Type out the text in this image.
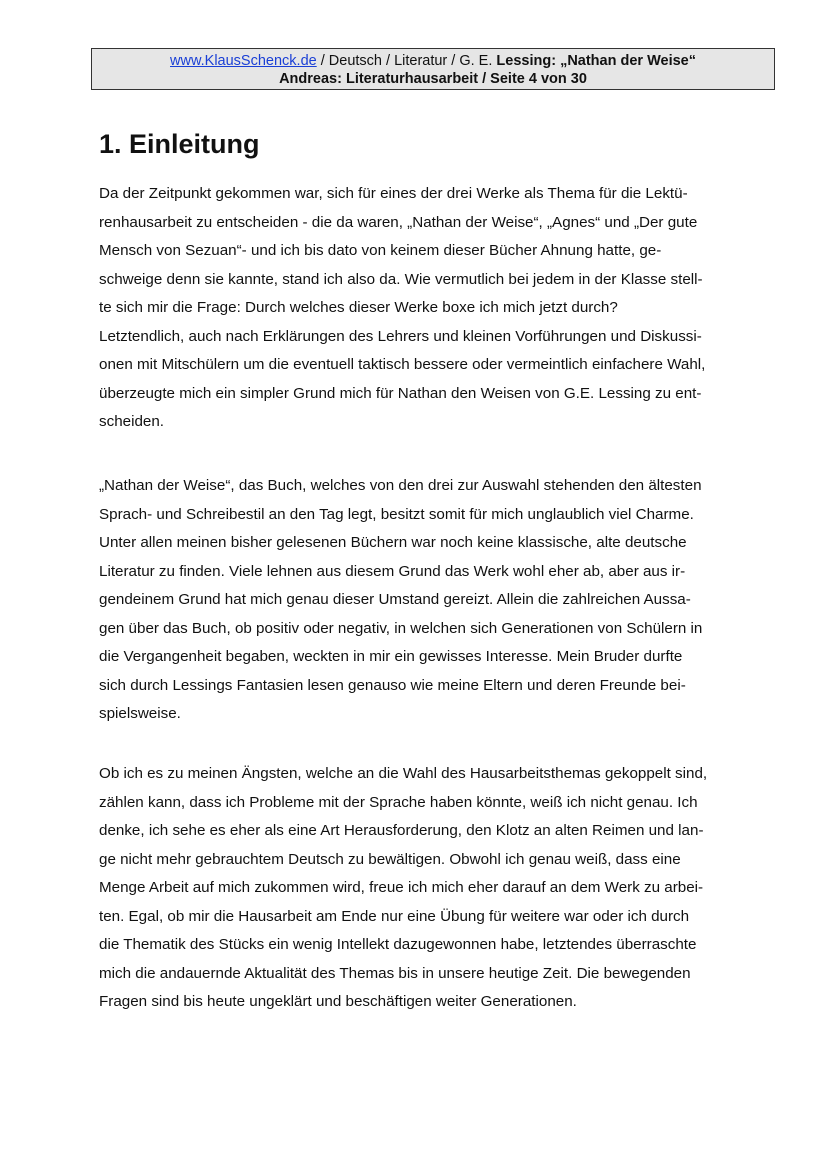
www.KlausSchenck.de / Deutsch / Literatur / G. E. Lessing: „Nathan der Weise“
Andreas: Literaturhausarbeit / Seite 4 von 30
1. Einleitung

Da der Zeitpunkt gekommen war, sich für eines der drei Werke als Thema für die Lektü-
renhausarbeit zu entscheiden - die da waren, „Nathan der Weise“, „Agnes“ und „Der gute
Mensch von Sezuan“- und ich bis dato von keinem dieser Bücher Ahnung hatte, ge-
schweige denn sie kannte, stand ich also da. Wie vermutlich bei jedem in der Klasse stell-
te sich mir die Frage: Durch welches dieser Werke boxe ich mich jetzt durch?
Letztendlich, auch nach Erklärungen des Lehrers und kleinen Vorführungen und Diskussi-
onen mit Mitschülern um die eventuell taktisch bessere oder vermeintlich einfachere Wahl,
überzeugte mich ein simpler Grund mich für Nathan den Weisen von G.E. Lessing zu ent-
scheiden.

„Nathan der Weise“, das Buch, welches von den drei zur Auswahl stehenden den ältesten
Sprach- und Schreibestil an den Tag legt, besitzt somit für mich unglaublich viel Charme.
Unter allen meinen bisher gelesenen Büchern war noch keine klassische, alte deutsche
Literatur zu finden. Viele lehnen aus diesem Grund das Werk wohl eher ab, aber aus ir-
gendeinem Grund hat mich genau dieser Umstand gereizt. Allein die zahlreichen Aussa-
gen über das Buch, ob positiv oder negativ, in welchen sich Generationen von Schülern in
die Vergangenheit begaben, weckten in mir ein gewisses Interesse. Mein Bruder durfte
sich durch Lessings Fantasien lesen genauso wie meine Eltern und deren Freunde bei-
spielsweise.

Ob ich es zu meinen Ängsten, welche an die Wahl des Hausarbeitsthemas gekoppelt sind,
zählen kann, dass ich Probleme mit der Sprache haben könnte, weiß ich nicht genau. Ich
denke, ich sehe es eher als eine Art Herausforderung, den Klotz an alten Reimen und lan-
ge nicht mehr gebrauchtem Deutsch zu bewältigen. Obwohl ich genau weiß, dass eine
Menge Arbeit auf mich zukommen wird, freue ich mich eher darauf an dem Werk zu arbei-
ten. Egal, ob mir die Hausarbeit am Ende nur eine Übung für weitere war oder ich durch
die Thematik des Stücks ein wenig Intellekt dazugewonnen habe, letztendes überraschte
mich die andauernde Aktualität des Themas bis in unsere heutige Zeit. Die bewegenden
Fragen sind bis heute ungeklärt und beschäftigen weiter Generationen.
